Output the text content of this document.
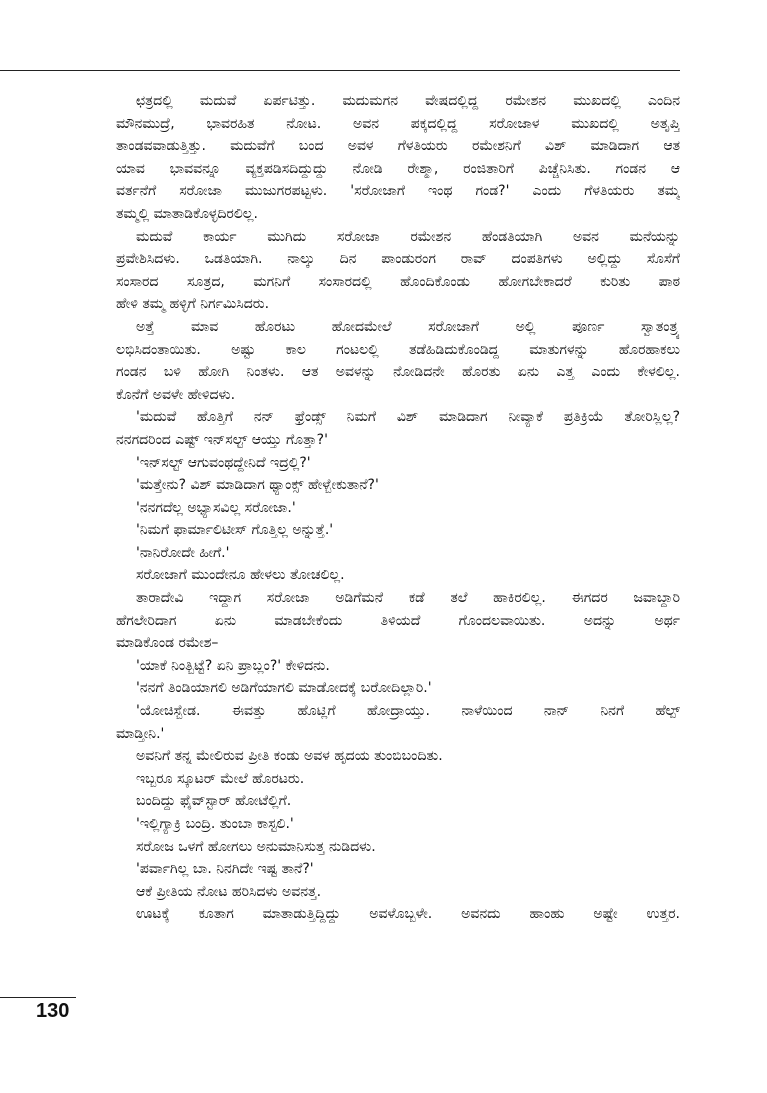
ಛತ್ರದಲ್ಲಿ ಮದುವೆ ಏರ್ಪಟಿತ್ತು. ಮದುಮಗನ ವೇಷದಲ್ಲಿದ್ದ ರಮೇಶನ ಮುಖದಲ್ಲಿ ಎಂದಿನ
ಮೌನಮುದ್ರೆ, ಭಾವರಹಿತ ನೋಟ. ಅವನ ಪಕ್ಕದಲ್ಲಿದ್ದ ಸರೋಜಾಳ ಮುಖದಲ್ಲಿ ಅತೃಪ್ತಿ
ತಾಂಡವವಾಡುತ್ತಿತ್ತು. ಮದುವೆಗೆ ಬಂದ ಅವಳ ಗೆಳತಿಯರು ರಮೇಶನಿಗೆ ವಿಶ್ ಮಾಡಿದಾಗ ಆತ
ಯಾವ ಭಾವವನ್ನೂ ವ್ಯಕ್ತಪಡಿಸದಿದ್ದುದ್ದು ನೋಡಿ ರೇಶ್ಮಾ, ರಂಜಿತಾರಿಗೆ ಪಿಚ್ಚೆನಿಸಿತು. ಗಂಡನ ಆ
ವರ್ತನೆಗೆ ಸರೋಜಾ ಮುಜುಗರಪಟ್ಟಳು. 'ಸರೋಜಾಗೆ ಇಂಥ ಗಂಡ?' ಎಂದು ಗೆಳತಿಯರು ತಮ್ಮ
ತಮ್ಮಲ್ಲಿ ಮಾತಾಡಿಕೊಳ್ಳದಿರಲಿಲ್ಲ.
ಮದುವೆ ಕಾರ್ಯ ಮುಗಿದು ಸರೋಜಾ ರಮೇಶನ ಹೆಂಡತಿಯಾಗಿ ಅವನ ಮನೆಯನ್ನು
ಪ್ರವೇಶಿಸಿದಳು. ಒಡತಿಯಾಗಿ. ನಾಲ್ಕು ದಿನ ಪಾಂಡುರಂಗ ರಾವ್ ದಂಪತಿಗಳು ಅಲ್ಲಿದ್ದು ಸೊಸೆಗೆ
ಸಂಸಾರದ ಸೂತ್ರದ, ಮಗನಿಗೆ ಸಂಸಾರದಲ್ಲಿ ಹೊಂದಿಕೊಂಡು ಹೋಗಬೇಕಾದರೆ ಕುರಿತು ಪಾಠ
ಹೇಳಿ ತಮ್ಮ ಹಳ್ಳಿಗೆ ನಿರ್ಗಮಿಸಿದರು.
ಅತ್ತೆ ಮಾವ ಹೊರಟು ಹೋದಮೇಲೆ ಸರೋಜಾಗೆ ಅಲ್ಲಿ ಪೂರ್ಣ ಸ್ವಾತಂತ್ರ್ಯ
ಲಭಿಸಿದಂತಾಯಿತು. ಅಷ್ಟು ಕಾಲ ಗಂಟಲಲ್ಲಿ ತಡೆಹಿಡಿದುಕೊಂಡಿದ್ದ ಮಾತುಗಳನ್ನು ಹೊರಹಾಕಲು
ಗಂಡನ ಬಳಿ ಹೋಗಿ ನಿಂತಳು. ಆತ ಅವಳನ್ನು ನೋಡಿದನೇ ಹೊರತು ಏನು ಎತ್ತ ಎಂದು ಕೇಳಲಿಲ್ಲ.
ಕೊನೆಗೆ ಅವಳೇ ಹೇಳಿದಳು.
'ಮದುವೆ ಹೊತ್ತಿಗೆ ನನ್ ಫ್ರೆಂಡ್ಸ್ ನಿಮಗೆ ವಿಶ್ ಮಾಡಿದಾಗ ನೀವ್ಯಾಕೆ ಪ್ರತಿಕ್ರಿಯೆ ತೋರಿಸ್ಲಿಲ್ಲ?
ನನಗದರಿಂದ ಎಷ್ಟ್ ಇನ್‌ಸಲ್ಟ್ ಆಯ್ತು ಗೊತ್ತಾ?'
'ಇನ್‌ಸಲ್ಟ್ ಆಗುವಂಥದ್ದೇನಿದೆ ಇದ್ರಲ್ಲಿ?'
'ಮತ್ತೇನು? ವಿಶ್ ಮಾಡಿದಾಗ ಥ್ಯಾಂಕ್ಸ್ ಹೇಳ್ಬೇಕುತಾನೆ?'
'ನನಗದೆಲ್ಲ ಅಭ್ಯಾಸವಿಲ್ಲ ಸರೋಜಾ.'
'ನಿಮಗೆ ಫಾರ್ಮಾಲಿಟೀಸ್ ಗೊತ್ತಿಲ್ಲ ಅನ್ನುತ್ತೆ.'
'ನಾನಿರೋದೇ ಹೀಗೆ.'
ಸರೋಜಾಗೆ ಮುಂದೇನೂ ಹೇಳಲು ತೋಚಲಿಲ್ಲ.
ತಾರಾದೇವಿ ಇದ್ದಾಗ ಸರೋಜಾ ಅಡಿಗೆಮನೆ ಕಡೆ ತಲೆ ಹಾಕಿರಲಿಲ್ಲ. ಈಗದರ ಜವಾಬ್ದಾರಿ
ಹೆಗಲೇರಿದಾಗ ಏನು ಮಾಡಬೇಕೆಂದು ತಿಳಿಯದೆ ಗೊಂದಲವಾಯಿತು. ಅದನ್ನು ಅರ್ಥ
ಮಾಡಿಕೊಂಡ ರಮೇಶ–
'ಯಾಕೆ ನಿಂತ್ಬಿಟ್ಟೆ? ಏನಿ ಪ್ರಾಬ್ಲಂ?' ಕೇಳಿದನು.
'ನನಗೆ ತಿಂಡಿಯಾಗಲಿ ಅಡಿಗೆಯಾಗಲಿ ಮಾಡೋದಕ್ಕೆ ಬರೋದಿಲ್ಲಾರಿ.'
'ಯೋಚಿಸ್ಬೇಡ. ಈವತ್ತು ಹೊಟ್ಲಿಗೆ ಹೋದ್ರಾಯ್ತು. ನಾಳೆಯಿಂದ ನಾನ್ ನಿನಗೆ ಹೆಲ್ಪ್
ಮಾಡ್ತೀನಿ.'
ಅವನಿಗೆ ತನ್ನ ಮೇಲಿರುವ ಪ್ರೀತಿ ಕಂಡು ಅವಳ ಹೃದಯ ತುಂಬಿಬಂದಿತು.
ಇಬ್ಬರೂ ಸ್ಕೂಟರ್ ಮೇಲೆ ಹೊರಟರು.
ಬಂದಿದ್ದು ಫೈವ್‌ಸ್ಟಾರ್ ಹೋಟೆಲ್ಲಿಗೆ.
'ಇಲ್ಲಿಗ್ಯಾಕ್ರಿ ಬಂದ್ರಿ. ತುಂಬಾ ಕಾಸ್ಟಲಿ.'
ಸರೋಜ ಒಳಗೆ ಹೋಗಲು ಅನುಮಾನಿಸುತ್ತ ನುಡಿದಳು.
'ಪರ್ವಾಗಿಲ್ಲ ಬಾ. ನಿನಗಿದೇ ಇಷ್ಟ ತಾನೆ?'
ಆಕೆ ಪ್ರೀತಿಯ ನೋಟ ಹರಿಸಿದಳು ಅವನತ್ತ.
ಊಟಕ್ಕೆ ಕೂತಾಗ ಮಾತಾಡುತ್ತಿದ್ದಿದ್ದು ಅವಳೊಬ್ಬಳೇ. ಅವನದು ಹಾಂಹು ಅಷ್ಟೇ ಉತ್ತರ.
130
